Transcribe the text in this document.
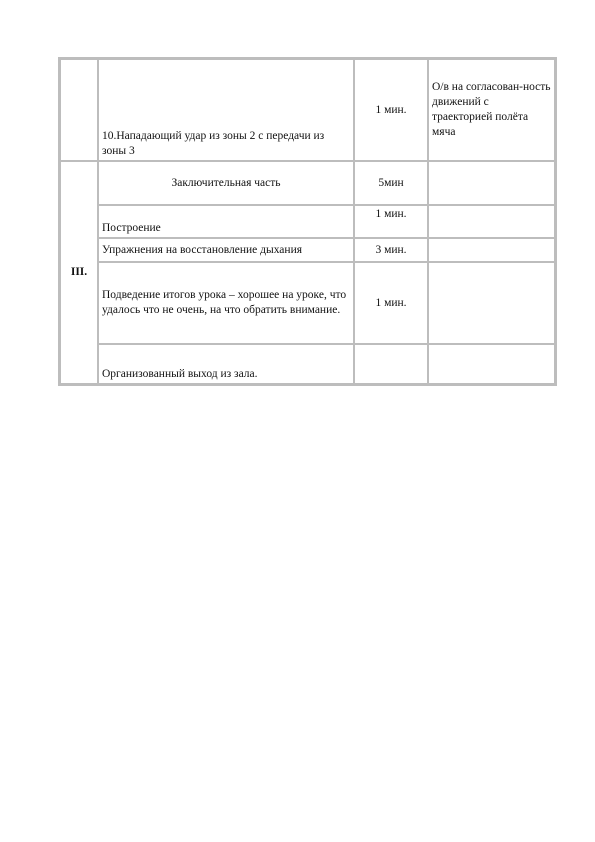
	10.Нападающий удар из зоны 2 с передачи из зоны 3	1 мин.	О/в на согласован-ность движений с траекторией полёта мяча
III.	Заключительная часть	5мин	
	Построение	1 мин.	
	Упражнения на восстановление дыхания	3 мин.	
	Подведение итогов урока – хорошее на уроке, что удалось что не очень, на что обратить внимание.	1 мин.	
	Организованный выход из зала.		
